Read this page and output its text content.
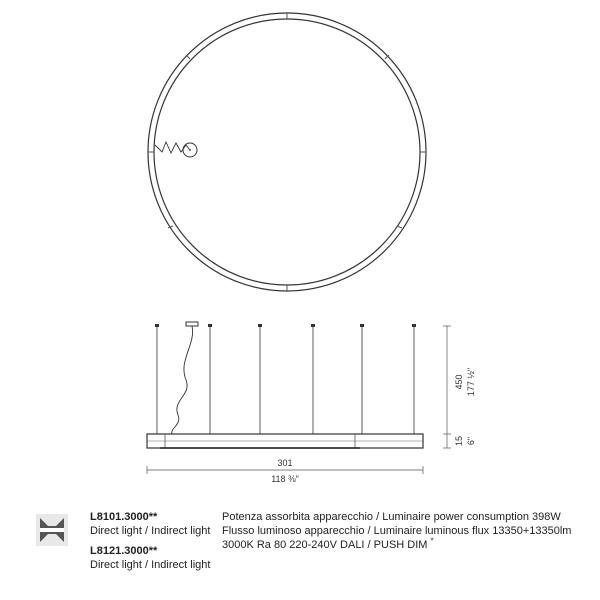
301
118 ⅜"
450 177 ½"
15 6"
L8101.3000**
Direct light / Indirect light
L8121.3000**
Direct light / Indirect light
Potenza assorbita apparecchio / Luminaire power consumption 398W
Flusso luminoso apparecchio / Luminaire luminous flux 13350+13350lm
3000K Ra 80 220-240V DALI / PUSH DIM *
